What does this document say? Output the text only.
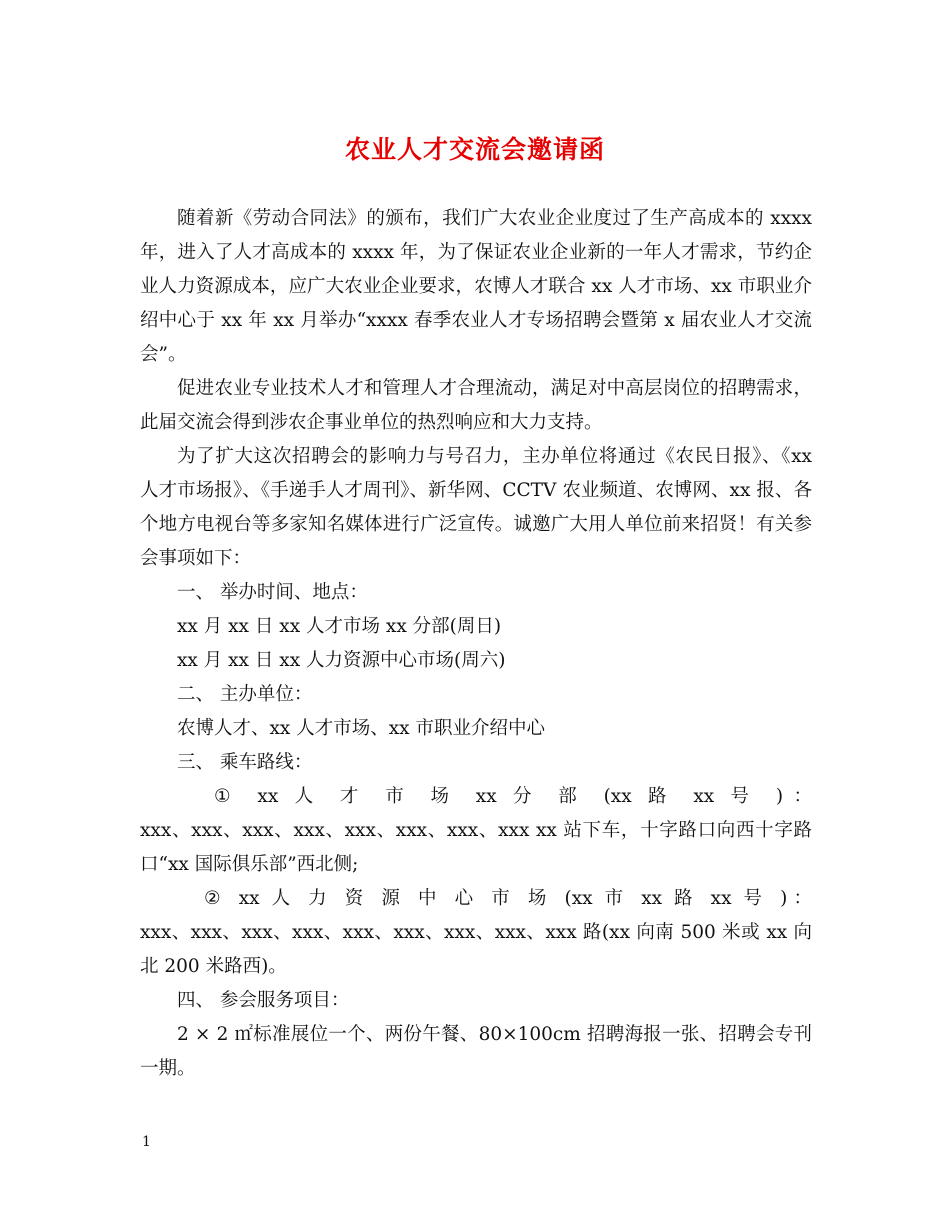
农业人才交流会邀请函

随着新《劳动合同法》的颁布，我们广大农业企业度过了生产高成本的 xxxx 年，进入了人才高成本的 xxxx 年，为了保证农业企业新的一年人才需求，节约企业人力资源成本，应广大农业企业要求，农博人才联合 xx 人才市场、xx 市职业介绍中心于 xx 年 xx 月举办“xxxx 春季农业人才专场招聘会暨第 x 届农业人才交流会”。

促进农业专业技术人才和管理人才合理流动，满足对中高层岗位的招聘需求，此届交流会得到涉农企事业单位的热烈响应和大力支持。

为了扩大这次招聘会的影响力与号召力，主办单位将通过《农民日报》、《xx 人才市场报》、《手递手人才周刊》、新华网、CCTV 农业频道、农博网、xx 报、各个地方电视台等多家知名媒体进行广泛宣传。诚邀广大用人单位前来招贤！有关参会事项如下：

一、 举办时间、地点：

xx 月 xx 日 xx 人才市场 xx 分部(周日)

xx 月 xx 日 xx 人力资源中心市场(周六)

二、 主办单位：

农博人才、xx 人才市场、xx 市职业介绍中心

三、 乘车路线：

① xx 人 才 市 场 xx 分 部 (xx 路 xx 号 )：

xxx、xxx、xxx、xxx、xxx、xxx、xxx、xxx xx 站下车，十字路口向西十字路口“xx 国际俱乐部”西北侧;

② xx 人 力 资 源 中 心 市 场 (xx 市 xx 路 xx 号 )：

xxx、xxx、xxx、xxx、xxx、xxx、xxx、xxx、xxx 路(xx 向南 500 米或 xx 向北 200 米路西)。

四、 参会服务项目：

2 × 2 ㎡标准展位一个、两份午餐、80×100cm 招聘海报一张、招聘会专刊一期。

1
